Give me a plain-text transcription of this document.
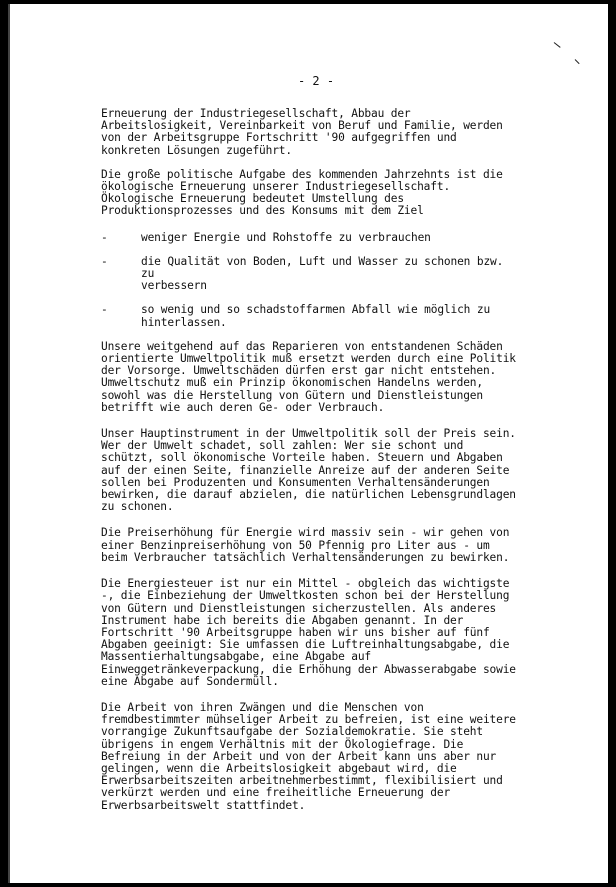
- 2 -

Erneuerung der Industriegesellschaft, Abbau der
Arbeitslosigkeit, Vereinbarkeit von Beruf und Familie, werden
von der Arbeitsgruppe Fortschritt '90 aufgegriffen und
konkreten Lösungen zugeführt.

Die große politische Aufgabe des kommenden Jahrzehnts ist die
ökologische Erneuerung unserer Industriegesellschaft.
Ökologische Erneuerung bedeutet Umstellung des
Produktionsprozesses und des Konsums mit dem Ziel

-	weniger Energie und Rohstoffe zu verbrauchen
-	die Qualität von Boden, Luft und Wasser zu schonen bzw. zu
verbessern
-	so wenig und so schadstoffarmen Abfall wie möglich zu
hinterlassen.

Unsere weitgehend auf das Reparieren von entstandenen Schäden
orientierte Umweltpolitik muß ersetzt werden durch eine Politik
der Vorsorge. Umweltschäden dürfen erst gar nicht entstehen.
Umweltschutz muß ein Prinzip ökonomischen Handelns werden,
sowohl was die Herstellung von Gütern und Dienstleistungen
betrifft wie auch deren Ge- oder Verbrauch.

Unser Hauptinstrument in der Umweltpolitik soll der Preis sein.
Wer der Umwelt schadet, soll zahlen: Wer sie schont und
schützt, soll ökonomische Vorteile haben. Steuern und Abgaben
auf der einen Seite, finanzielle Anreize auf der anderen Seite
sollen bei Produzenten und Konsumenten Verhaltensänderungen
bewirken, die darauf abzielen, die natürlichen Lebensgrundlagen
zu schonen.

Die Preiserhöhung für Energie wird massiv sein - wir gehen von
einer Benzinpreiserhöhung von 50 Pfennig pro Liter aus - um
beim Verbraucher tatsächlich Verhaltensänderungen zu bewirken.

Die Energiesteuer ist nur ein Mittel - obgleich das wichtigste
-, die Einbeziehung der Umweltkosten schon bei der Herstellung
von Gütern und Dienstleistungen sicherzustellen. Als anderes
Instrument habe ich bereits die Abgaben genannt. In der
Fortschritt '90 Arbeitsgruppe haben wir uns bisher auf fünf
Abgaben geeinigt: Sie umfassen die Luftreinhaltungsabgabe, die
Massentierhaltungsabgabe, eine Abgabe auf
Einweggetränkeverpackung, die Erhöhung der Abwasserabgabe sowie
eine Abgabe auf Sondermüll.

Die Arbeit von ihren Zwängen und die Menschen von
fremdbestimmter mühseliger Arbeit zu befreien, ist eine weitere
vorrangige Zukunftsaufgabe der Sozialdemokratie. Sie steht
übrigens in engem Verhältnis mit der Ökologiefrage. Die
Befreiung in der Arbeit und von der Arbeit kann uns aber nur
gelingen, wenn die Arbeitslosigkeit abgebaut wird, die
Erwerbsarbeitszeiten arbeitnehmerbestimmt, flexibilisiert und
verkürzt werden und eine freiheitliche Erneuerung der
Erwerbsarbeitswelt stattfindet.
